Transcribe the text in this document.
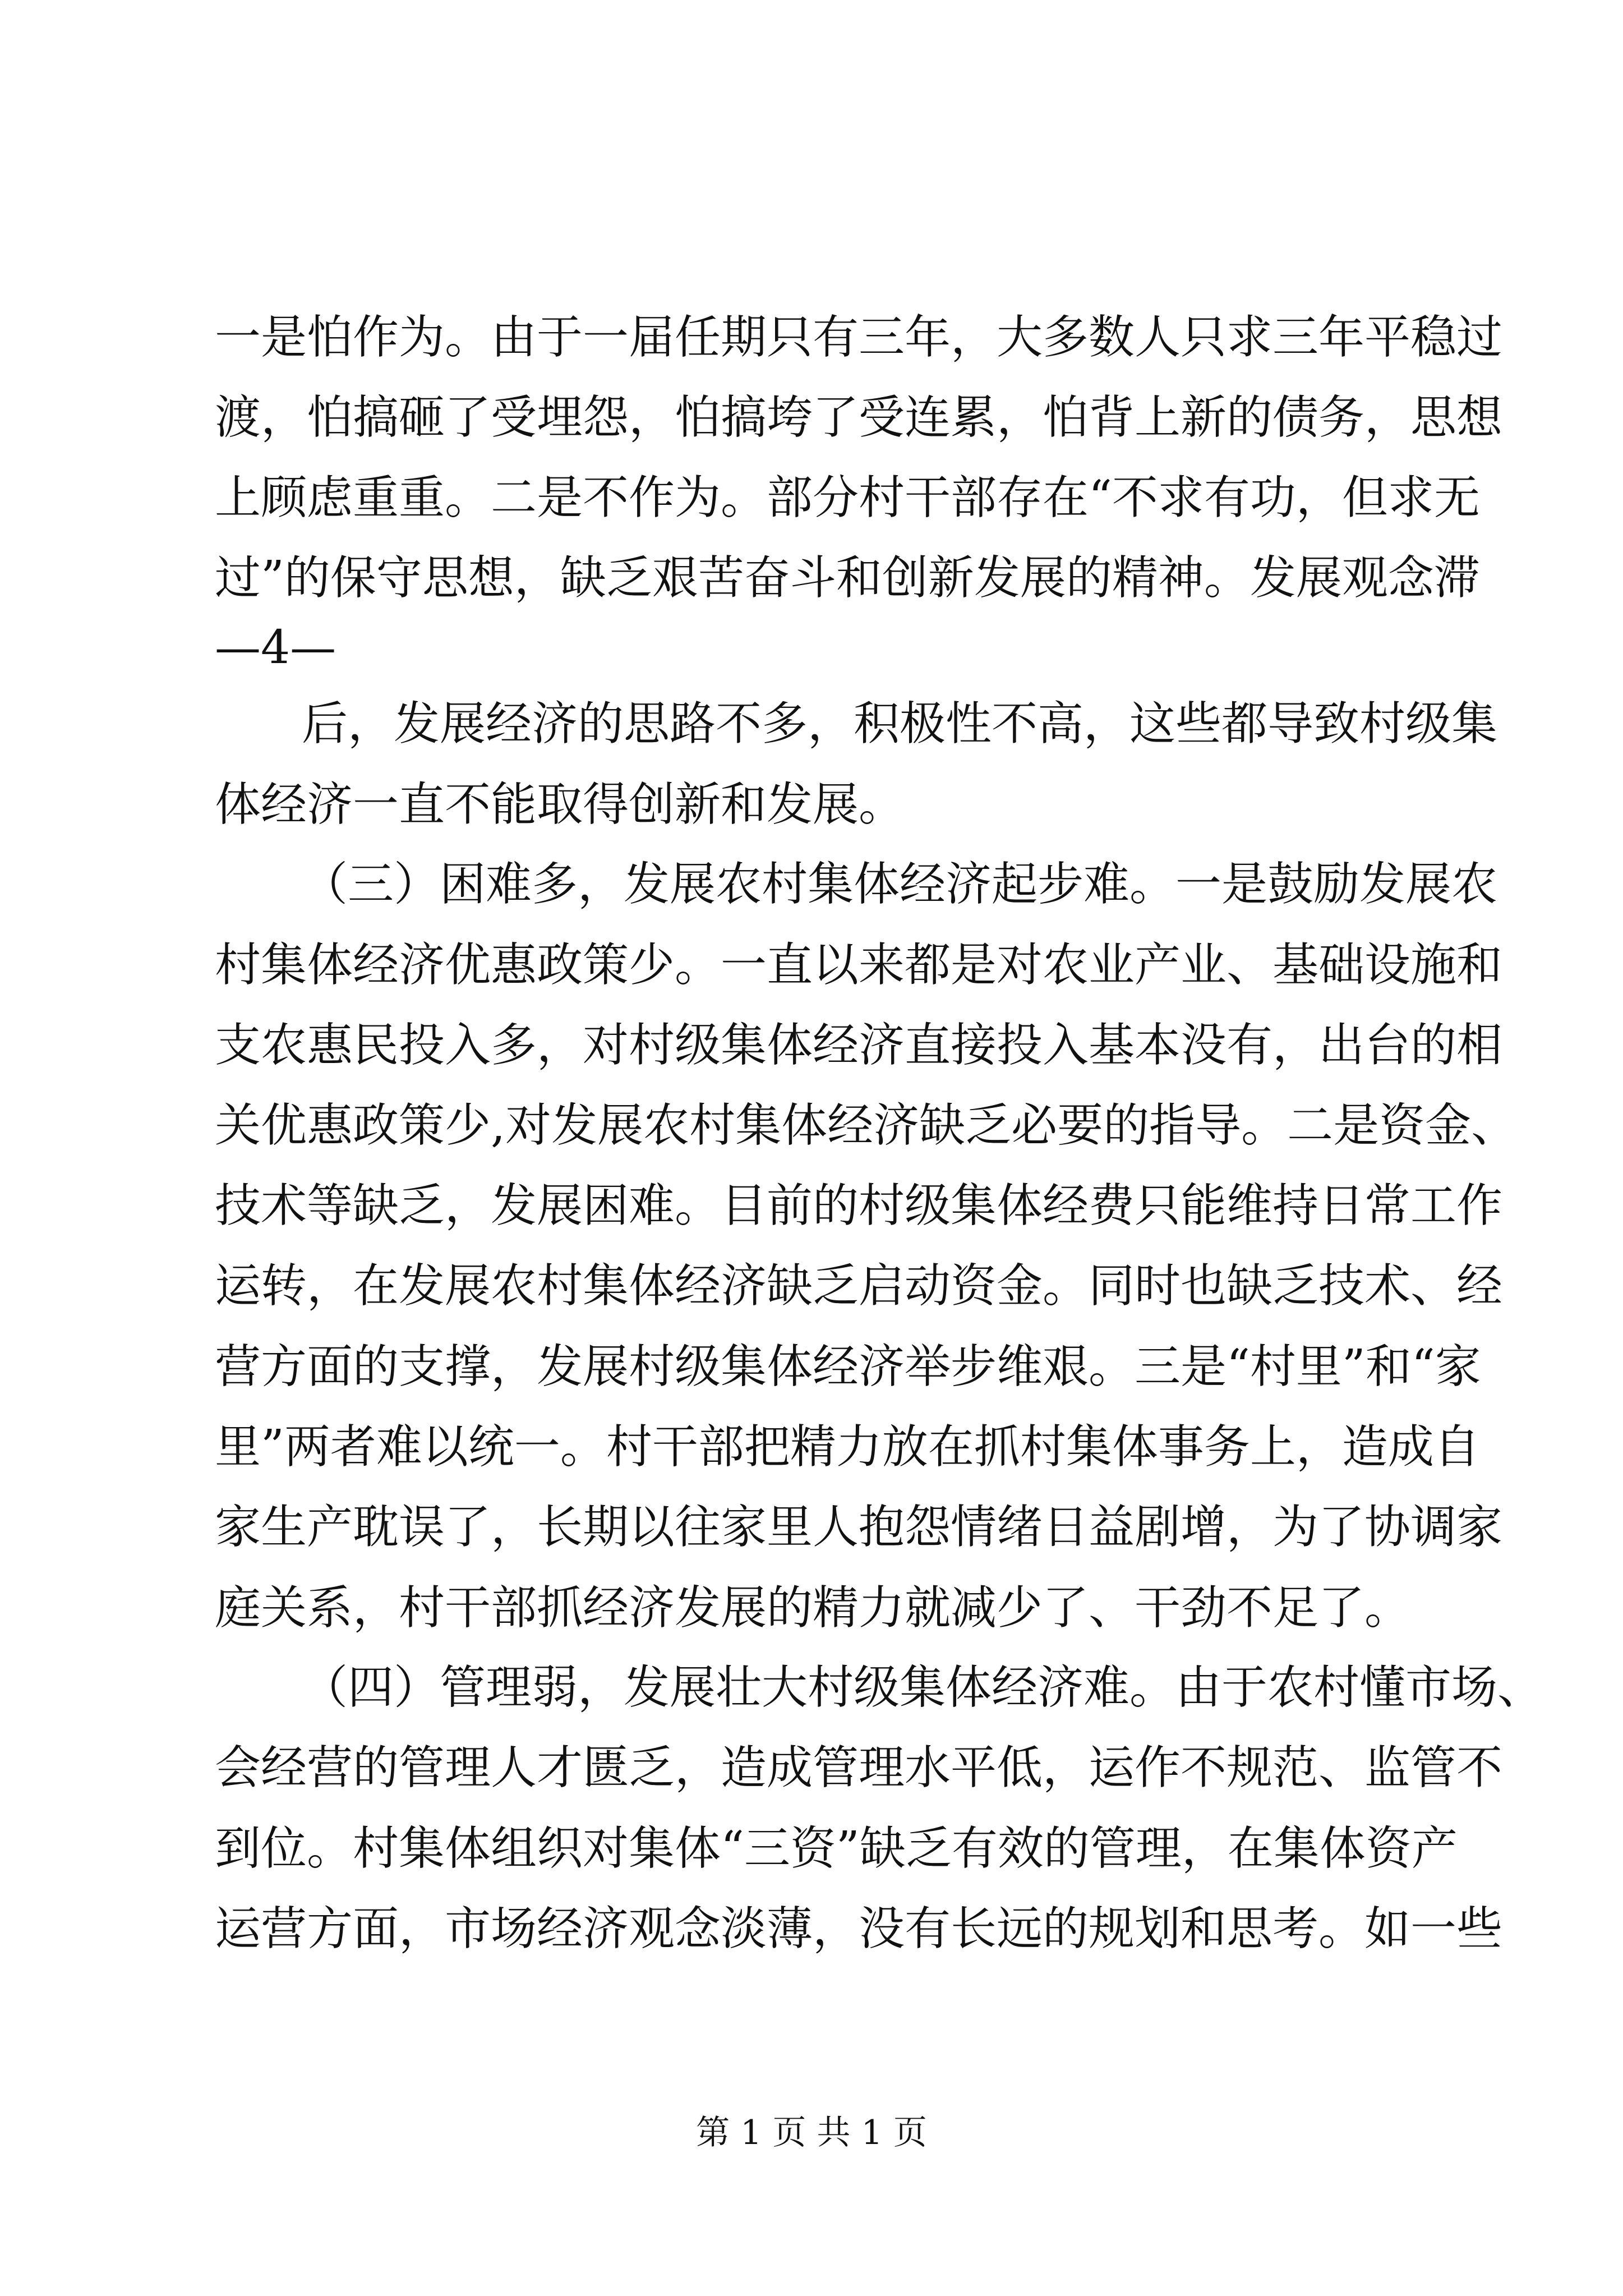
一是怕作为。由于一届任期只有三年，大多数人只求三年平稳过
渡，怕搞砸了受埋怨，怕搞垮了受连累，怕背上新的债务，思想
上顾虑重重。二是不作为。部分村干部存在“不求有功，但求无
过”的保守思想，缺乏艰苦奋斗和创新发展的精神。发展观念滞
—4—
后，发展经济的思路不多，积极性不高，这些都导致村级集
体经济一直不能取得创新和发展。
（三）困难多，发展农村集体经济起步难。一是鼓励发展农
村集体经济优惠政策少。一直以来都是对农业产业、基础设施和
支农惠民投入多，对村级集体经济直接投入基本没有，出台的相
关优惠政策少,对发展农村集体经济缺乏必要的指导。二是资金、
技术等缺乏，发展困难。目前的村级集体经费只能维持日常工作
运转，在发展农村集体经济缺乏启动资金。同时也缺乏技术、经
营方面的支撑，发展村级集体经济举步维艰。三是“村里”和“家
里”两者难以统一。村干部把精力放在抓村集体事务上，造成自
家生产耽误了，长期以往家里人抱怨情绪日益剧增，为了协调家
庭关系，村干部抓经济发展的精力就减少了、干劲不足了。
（四）管理弱，发展壮大村级集体经济难。由于农村懂市场、
会经营的管理人才匮乏，造成管理水平低，运作不规范、监管不
到位。村集体组织对集体“三资”缺乏有效的管理，在集体资产
运营方面，市场经济观念淡薄，没有长远的规划和思考。如一些
第 1 页 共 1 页
